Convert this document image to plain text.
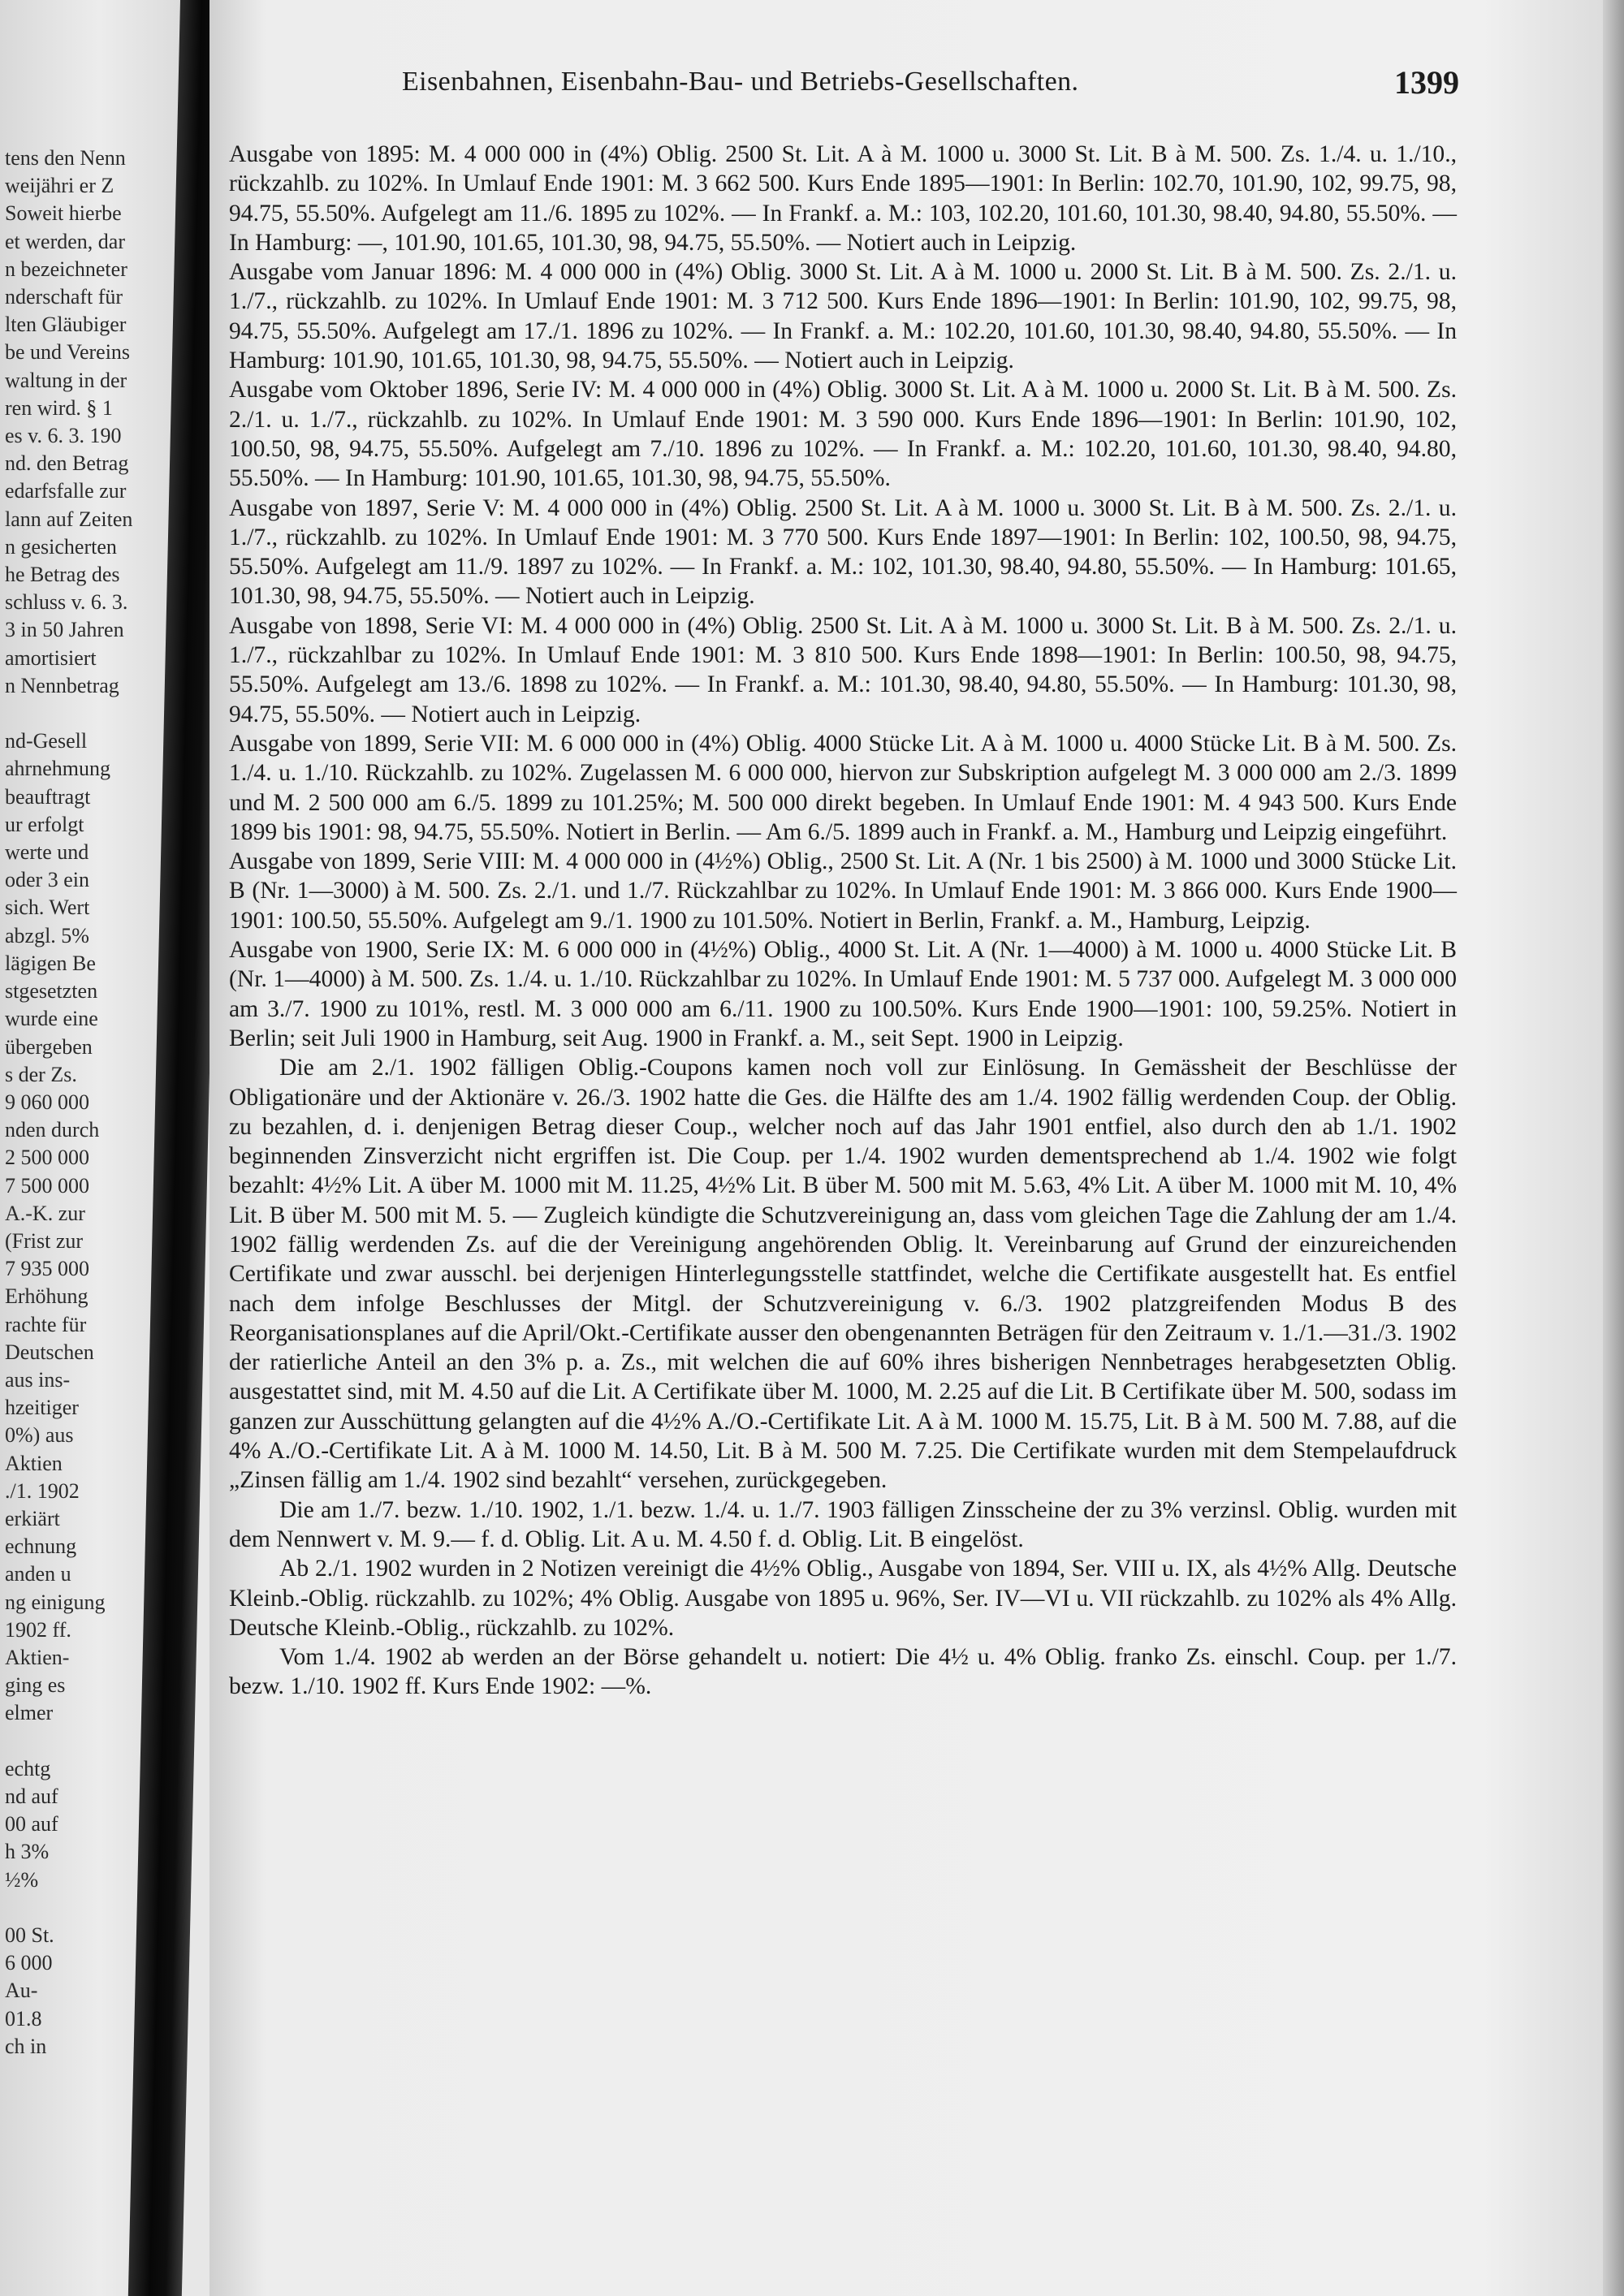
tens den Nenn
weijähri er Z
Soweit hierbe
et werden, dar
n bezeichneter
nderschaft für
lten Gläubiger
be und Vereins
waltung in der
ren wird. § 1
es v. 6. 3. 190
nd. den Betrag
edarfsfalle zur
lann auf Zeiten
n gesicherten
he Betrag des
schluss v. 6. 3.
3 in 50 Jahren
amortisiert
n Nennbetrag

nd-Gesell
ahrnehmung
beauftragt
ur erfolgt
werte und
oder 3 ein
sich. Wert
abzgl. 5%
lägigen Be
stgesetzten
wurde eine
übergeben
s der Zs.
9 060 000
nden durch
2 500 000
7 500 000
A.-K. zur
(Frist zur
7 935 000
Erhöhung
rachte für
Deutschen
aus ins-
hzeitiger
0%) aus
Aktien
./1. 1902
erkiärt
echnung
anden u
ng einigung
1902 ff.
Aktien-
ging es
elmer

echtg
nd auf
00 auf
h 3%
½%

00 St.
6 000
Au-
01.8
ch in
Eisenbahnen, Eisenbahn-Bau- und Betriebs-Gesellschaften.	1399

Ausgabe von 1895: M. 4 000 000 in (4%) Oblig. 2500 St. Lit. A à M. 1000 u. 3000 St. Lit. B à M. 500. Zs. 1./4. u. 1./10., rückzahlb. zu 102%. In Umlauf Ende 1901: M. 3 662 500. Kurs Ende 1895—1901: In Berlin: 102.70, 101.90, 102, 99.75, 98, 94.75, 55.50%. Aufgelegt am 11./6. 1895 zu 102%. — In Frankf. a. M.: 103, 102.20, 101.60, 101.30, 98.40, 94.80, 55.50%. — In Hamburg: —, 101.90, 101.65, 101.30, 98, 94.75, 55.50%. — Notiert auch in Leipzig.

Ausgabe vom Januar 1896: M. 4 000 000 in (4%) Oblig. 3000 St. Lit. A à M. 1000 u. 2000 St. Lit. B à M. 500. Zs. 2./1. u. 1./7., rückzahlb. zu 102%. In Umlauf Ende 1901: M. 3 712 500. Kurs Ende 1896—1901: In Berlin: 101.90, 102, 99.75, 98, 94.75, 55.50%. Aufgelegt am 17./1. 1896 zu 102%. — In Frankf. a. M.: 102.20, 101.60, 101.30, 98.40, 94.80, 55.50%. — In Hamburg: 101.90, 101.65, 101.30, 98, 94.75, 55.50%. — Notiert auch in Leipzig.

Ausgabe vom Oktober 1896, Serie IV: M. 4 000 000 in (4%) Oblig. 3000 St. Lit. A à M. 1000 u. 2000 St. Lit. B à M. 500. Zs. 2./1. u. 1./7., rückzahlb. zu 102%. In Umlauf Ende 1901: M. 3 590 000. Kurs Ende 1896—1901: In Berlin: 101.90, 102, 100.50, 98, 94.75, 55.50%. Aufgelegt am 7./10. 1896 zu 102%. — In Frankf. a. M.: 102.20, 101.60, 101.30, 98.40, 94.80, 55.50%. — In Hamburg: 101.90, 101.65, 101.30, 98, 94.75, 55.50%.

Ausgabe von 1897, Serie V: M. 4 000 000 in (4%) Oblig. 2500 St. Lit. A à M. 1000 u. 3000 St. Lit. B à M. 500. Zs. 2./1. u. 1./7., rückzahlb. zu 102%. In Umlauf Ende 1901: M. 3 770 500. Kurs Ende 1897—1901: In Berlin: 102, 100.50, 98, 94.75, 55.50%. Aufgelegt am 11./9. 1897 zu 102%. — In Frankf. a. M.: 102, 101.30, 98.40, 94.80, 55.50%. — In Hamburg: 101.65, 101.30, 98, 94.75, 55.50%. — Notiert auch in Leipzig.

Ausgabe von 1898, Serie VI: M. 4 000 000 in (4%) Oblig. 2500 St. Lit. A à M. 1000 u. 3000 St. Lit. B à M. 500. Zs. 2./1. u. 1./7., rückzahlbar zu 102%. In Umlauf Ende 1901: M. 3 810 500. Kurs Ende 1898—1901: In Berlin: 100.50, 98, 94.75, 55.50%. Aufgelegt am 13./6. 1898 zu 102%. — In Frankf. a. M.: 101.30, 98.40, 94.80, 55.50%. — In Hamburg: 101.30, 98, 94.75, 55.50%. — Notiert auch in Leipzig.

Ausgabe von 1899, Serie VII: M. 6 000 000 in (4%) Oblig. 4000 Stücke Lit. A à M. 1000 u. 4000 Stücke Lit. B à M. 500. Zs. 1./4. u. 1./10. Rückzahlb. zu 102%. Zugelassen M. 6 000 000, hiervon zur Subskription aufgelegt M. 3 000 000 am 2./3. 1899 und M. 2 500 000 am 6./5. 1899 zu 101.25%; M. 500 000 direkt begeben. In Umlauf Ende 1901: M. 4 943 500. Kurs Ende 1899 bis 1901: 98, 94.75, 55.50%. Notiert in Berlin. — Am 6./5. 1899 auch in Frankf. a. M., Hamburg und Leipzig eingeführt.

Ausgabe von 1899, Serie VIII: M. 4 000 000 in (4½%) Oblig., 2500 St. Lit. A (Nr. 1 bis 2500) à M. 1000 und 3000 Stücke Lit. B (Nr. 1—3000) à M. 500. Zs. 2./1. und 1./7. Rückzahlbar zu 102%. In Umlauf Ende 1901: M. 3 866 000. Kurs Ende 1900—1901: 100.50, 55.50%. Aufgelegt am 9./1. 1900 zu 101.50%. Notiert in Berlin, Frankf. a. M., Hamburg, Leipzig.

Ausgabe von 1900, Serie IX: M. 6 000 000 in (4½%) Oblig., 4000 St. Lit. A (Nr. 1—4000) à M. 1000 u. 4000 Stücke Lit. B (Nr. 1—4000) à M. 500. Zs. 1./4. u. 1./10. Rückzahlbar zu 102%. In Umlauf Ende 1901: M. 5 737 000. Aufgelegt M. 3 000 000 am 3./7. 1900 zu 101%, restl. M. 3 000 000 am 6./11. 1900 zu 100.50%. Kurs Ende 1900—1901: 100, 59.25%. Notiert in Berlin; seit Juli 1900 in Hamburg, seit Aug. 1900 in Frankf. a. M., seit Sept. 1900 in Leipzig.

Die am 2./1. 1902 fälligen Oblig.-Coupons kamen noch voll zur Einlösung. In Gemässheit der Beschlüsse der Obligationäre und der Aktionäre v. 26./3. 1902 hatte die Ges. die Hälfte des am 1./4. 1902 fällig werdenden Coup. der Oblig. zu bezahlen, d. i. denjenigen Betrag dieser Coup., welcher noch auf das Jahr 1901 entfiel, also durch den ab 1./1. 1902 beginnenden Zinsverzicht nicht ergriffen ist. Die Coup. per 1./4. 1902 wurden dementsprechend ab 1./4. 1902 wie folgt bezahlt: 4½% Lit. A über M. 1000 mit M. 11.25, 4½% Lit. B über M. 500 mit M. 5.63, 4% Lit. A über M. 1000 mit M. 10, 4% Lit. B über M. 500 mit M. 5. — Zugleich kündigte die Schutzvereinigung an, dass vom gleichen Tage die Zahlung der am 1./4. 1902 fällig werdenden Zs. auf die der Vereinigung angehörenden Oblig. lt. Vereinbarung auf Grund der einzureichenden Certifikate und zwar ausschl. bei derjenigen Hinterlegungsstelle stattfindet, welche die Certifikate ausgestellt hat. Es entfiel nach dem infolge Beschlusses der Mitgl. der Schutzvereinigung v. 6./3. 1902 platzgreifenden Modus B des Reorganisationsplanes auf die April/Okt.-Certifikate ausser den obengenannten Beträgen für den Zeitraum v. 1./1.—31./3. 1902 der ratierliche Anteil an den 3% p. a. Zs., mit welchen die auf 60% ihres bisherigen Nennbetrages herabgesetzten Oblig. ausgestattet sind, mit M. 4.50 auf die Lit. A Certifikate über M. 1000, M. 2.25 auf die Lit. B Certifikate über M. 500, sodass im ganzen zur Ausschüttung gelangten auf die 4½% A./O.-Certifikate Lit. A à M. 1000 M. 15.75, Lit. B à M. 500 M. 7.88, auf die 4% A./O.-Certifikate Lit. A à M. 1000 M. 14.50, Lit. B à M. 500 M. 7.25. Die Certifikate wurden mit dem Stempelaufdruck „Zinsen fällig am 1./4. 1902 sind bezahlt“ versehen, zurückgegeben.

Die am 1./7. bezw. 1./10. 1902, 1./1. bezw. 1./4. u. 1./7. 1903 fälligen Zinsscheine der zu 3% verzinsl. Oblig. wurden mit dem Nennwert v. M. 9.— f. d. Oblig. Lit. A u. M. 4.50 f. d. Oblig. Lit. B eingelöst.

Ab 2./1. 1902 wurden in 2 Notizen vereinigt die 4½% Oblig., Ausgabe von 1894, Ser. VIII u. IX, als 4½% Allg. Deutsche Kleinb.-Oblig. rückzahlb. zu 102%; 4% Oblig. Ausgabe von 1895 u. 96%, Ser. IV—VI u. VII rückzahlb. zu 102% als 4% Allg. Deutsche Kleinb.-Oblig., rückzahlb. zu 102%.

Vom 1./4. 1902 ab werden an der Börse gehandelt u. notiert: Die 4½ u. 4% Oblig. franko Zs. einschl. Coup. per 1./7. bezw. 1./10. 1902 ff. Kurs Ende 1902: —%.
